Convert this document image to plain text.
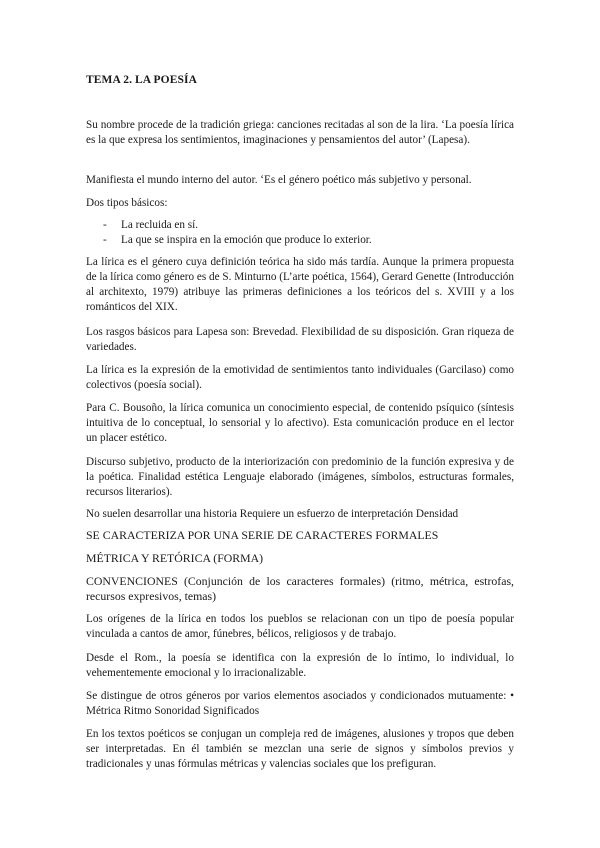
TEMA 2. LA POESÍA

Su nombre procede de la tradición griega: canciones recitadas al son de la lira. ‘La poesía lírica es la que expresa los sentimientos, imaginaciones y pensamientos del autor’ (Lapesa).

Manifiesta el mundo interno del autor. ‘Es el género poético más subjetivo y personal.

Dos tipos básicos:

- La recluida en sí.
- La que se inspira en la emoción que produce lo exterior.

La lírica es el género cuya definición teórica ha sido más tardía. Aunque la primera propuesta de la lírica como género es de S. Minturno (L’arte poética, 1564), Gerard Genette (Introducción al architexto, 1979) atribuye las primeras definiciones a los teóricos del s. XVIII y a los románticos del XIX.

Los rasgos básicos para Lapesa son: Brevedad. Flexibilidad de su disposición. Gran riqueza de variedades.

La lírica es la expresión de la emotividad de sentimientos tanto individuales (Garcilaso) como colectivos (poesía social).

Para C. Bousoño, la lírica comunica un conocimiento especial, de contenido psíquico (síntesis intuitiva de lo conceptual, lo sensorial y lo afectivo). Esta comunicación produce en el lector un placer estético.

Discurso subjetivo, producto de la interiorización con predominio de la función expresiva y de la poética. Finalidad estética Lenguaje elaborado (imágenes, símbolos, estructuras formales, recursos literarios).

No suelen desarrollar una historia Requiere un esfuerzo de interpretación Densidad

SE CARACTERIZA POR UNA SERIE DE CARACTERES FORMALES

MÉTRICA Y RETÓRICA (FORMA)

CONVENCIONES (Conjunción de los caracteres formales) (ritmo, métrica, estrofas, recursos expresivos, temas)

Los orígenes de la lírica en todos los pueblos se relacionan con un tipo de poesía popular vinculada a cantos de amor, fúnebres, bélicos, religiosos y de trabajo.

Desde el Rom., la poesía se identifica con la expresión de lo íntimo, lo individual, lo vehementemente emocional y lo irracionalizable.

Se distingue de otros géneros por varios elementos asociados y condicionados mutuamente: • Métrica Ritmo Sonoridad Significados

En los textos poéticos se conjugan un compleja red de imágenes, alusiones y tropos que deben ser interpretadas. En él también se mezclan una serie de signos y símbolos previos y tradicionales y unas fórmulas métricas y valencias sociales que los prefiguran.
